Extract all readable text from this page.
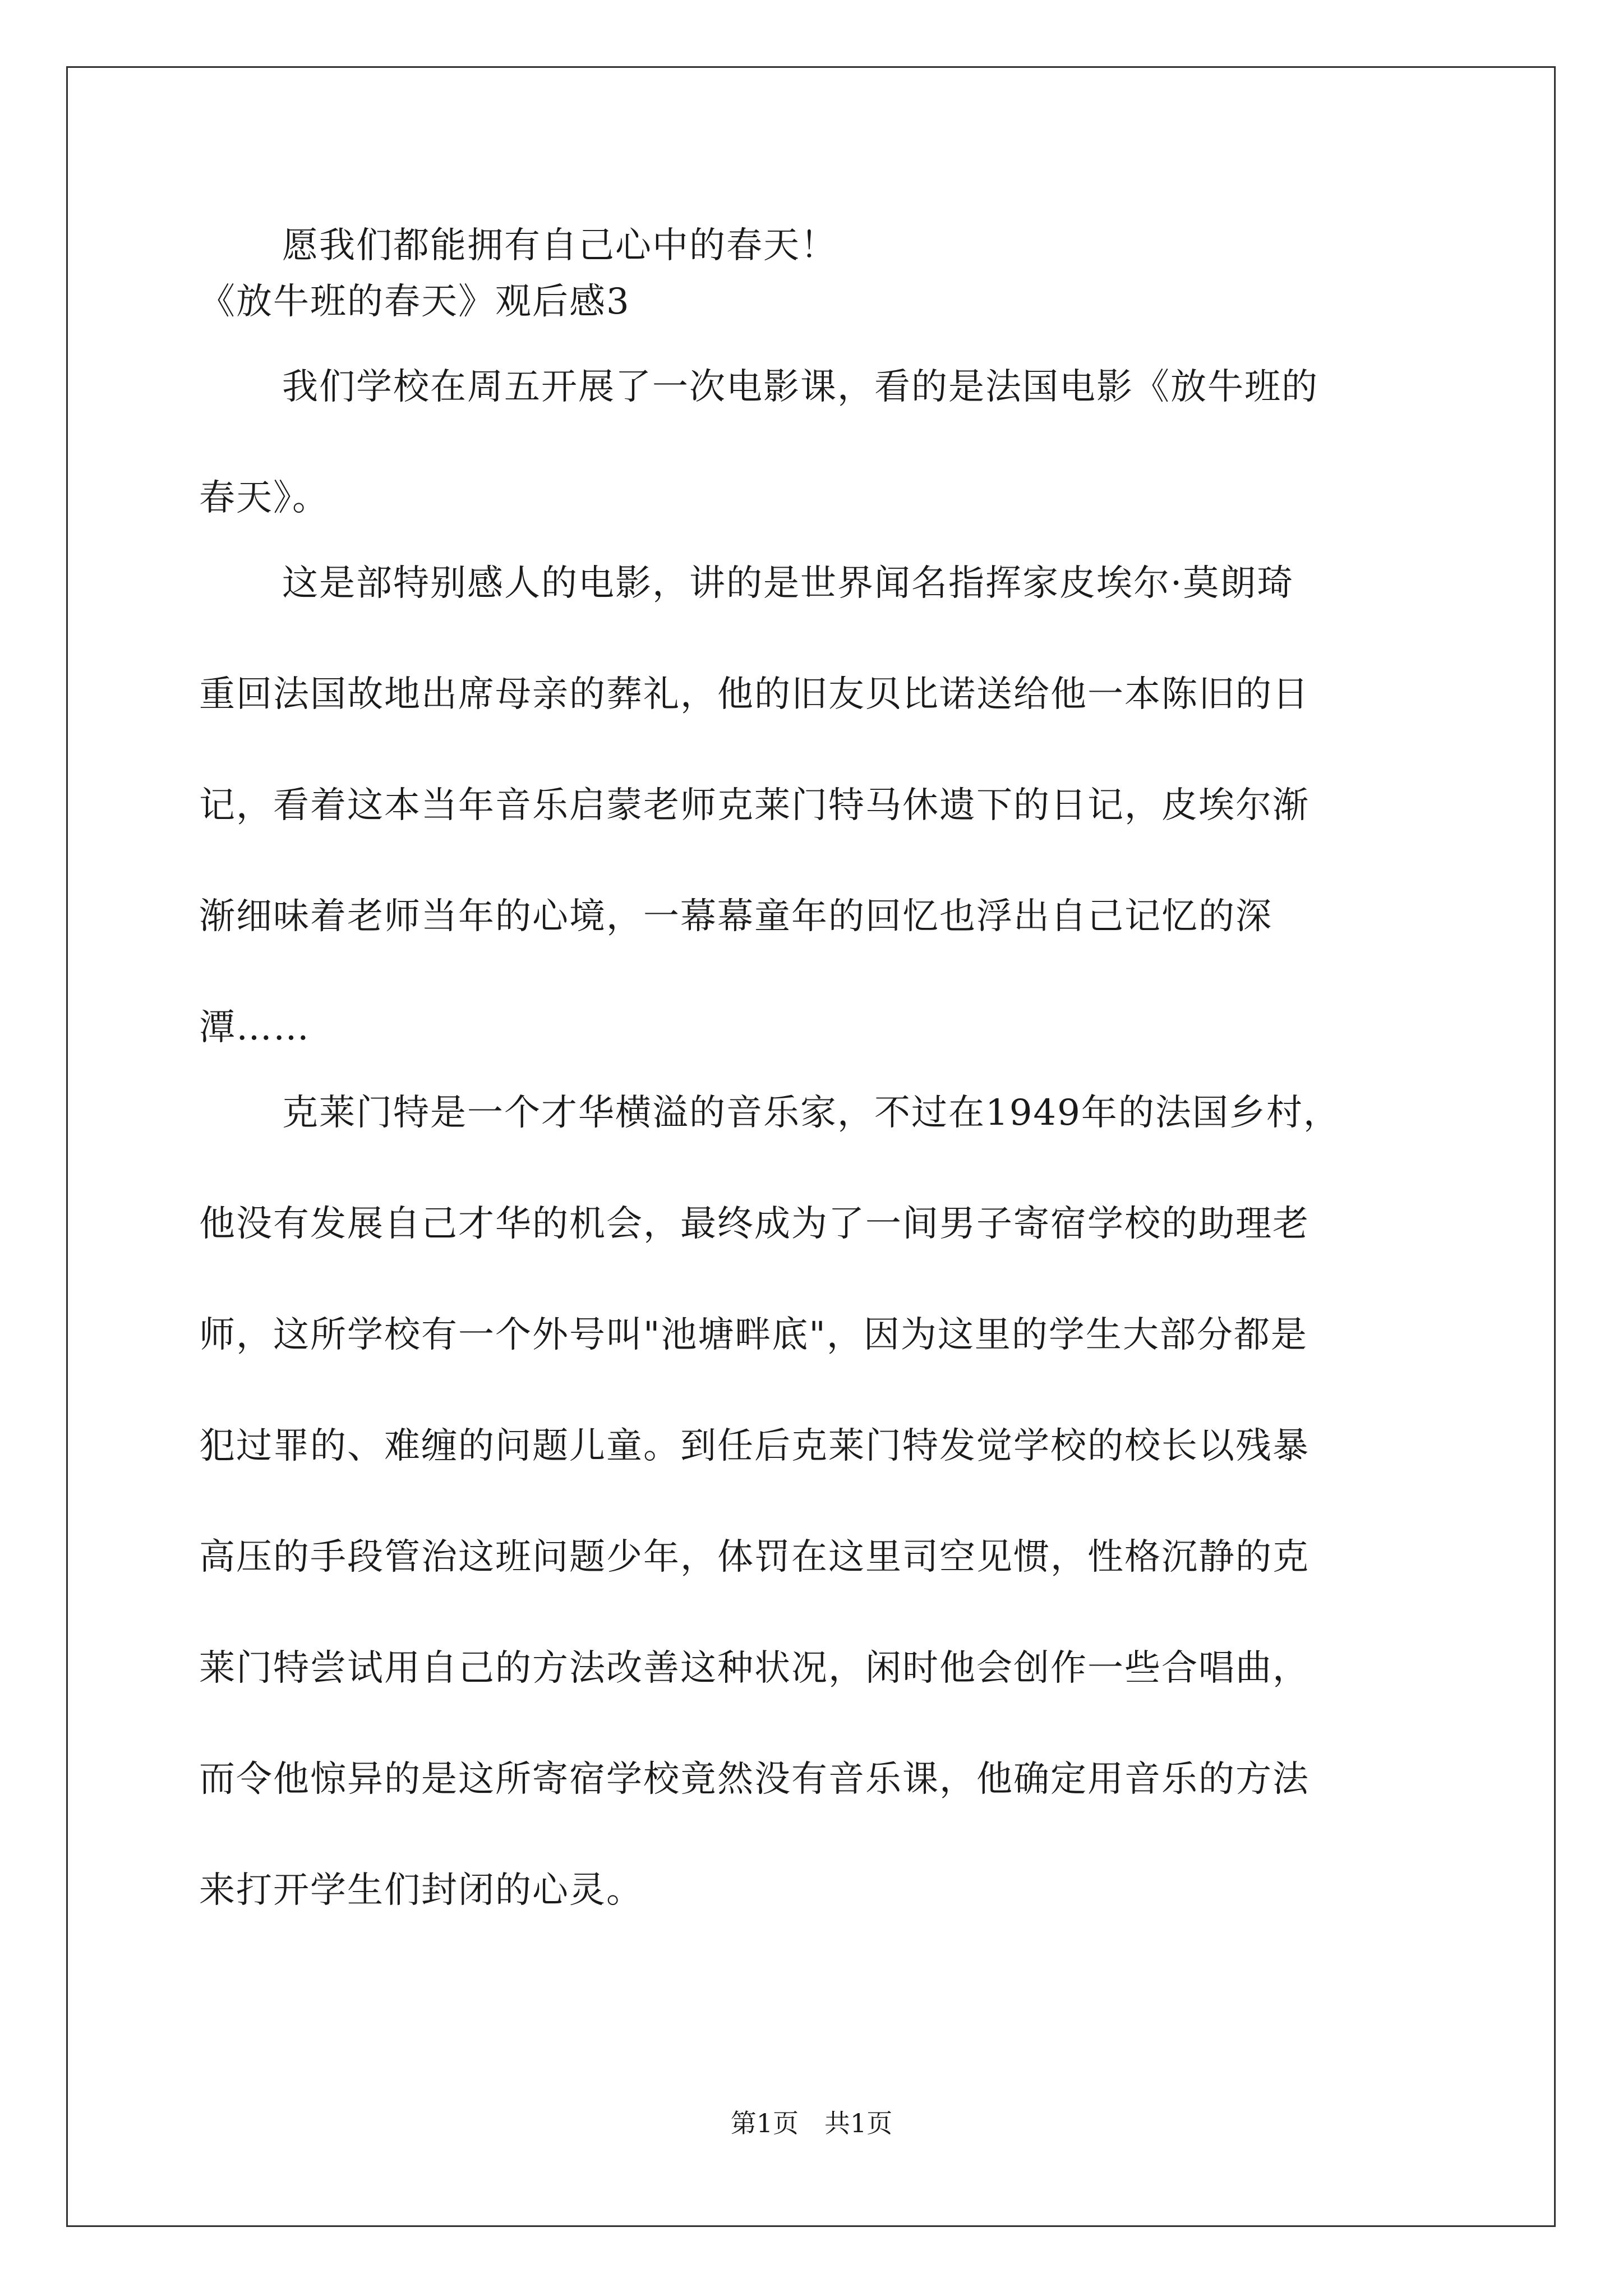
愿我们都能拥有自己心中的春天！
《放牛班的春天》观后感3
我们学校在周五开展了一次电影课，看的是法国电影《放牛班的
春天》。
这是部特别感人的电影，讲的是世界闻名指挥家皮埃尔·莫朗琦
重回法国故地出席母亲的葬礼，他的旧友贝比诺送给他一本陈旧的日
记，看着这本当年音乐启蒙老师克莱门特马休遗下的日记，皮埃尔渐
渐细味着老师当年的心境，一幕幕童年的回忆也浮出自己记忆的深
潭……
克莱门特是一个才华横溢的音乐家，不过在1949年的法国乡村，
他没有发展自己才华的机会，最终成为了一间男子寄宿学校的助理老
师，这所学校有一个外号叫"池塘畔底"，因为这里的学生大部分都是
犯过罪的、难缠的问题儿童。到任后克莱门特发觉学校的校长以残暴
高压的手段管治这班问题少年，体罚在这里司空见惯，性格沉静的克
莱门特尝试用自己的方法改善这种状况，闲时他会创作一些合唱曲，
而令他惊异的是这所寄宿学校竟然没有音乐课，他确定用音乐的方法
来打开学生们封闭的心灵。
第1页　共1页
